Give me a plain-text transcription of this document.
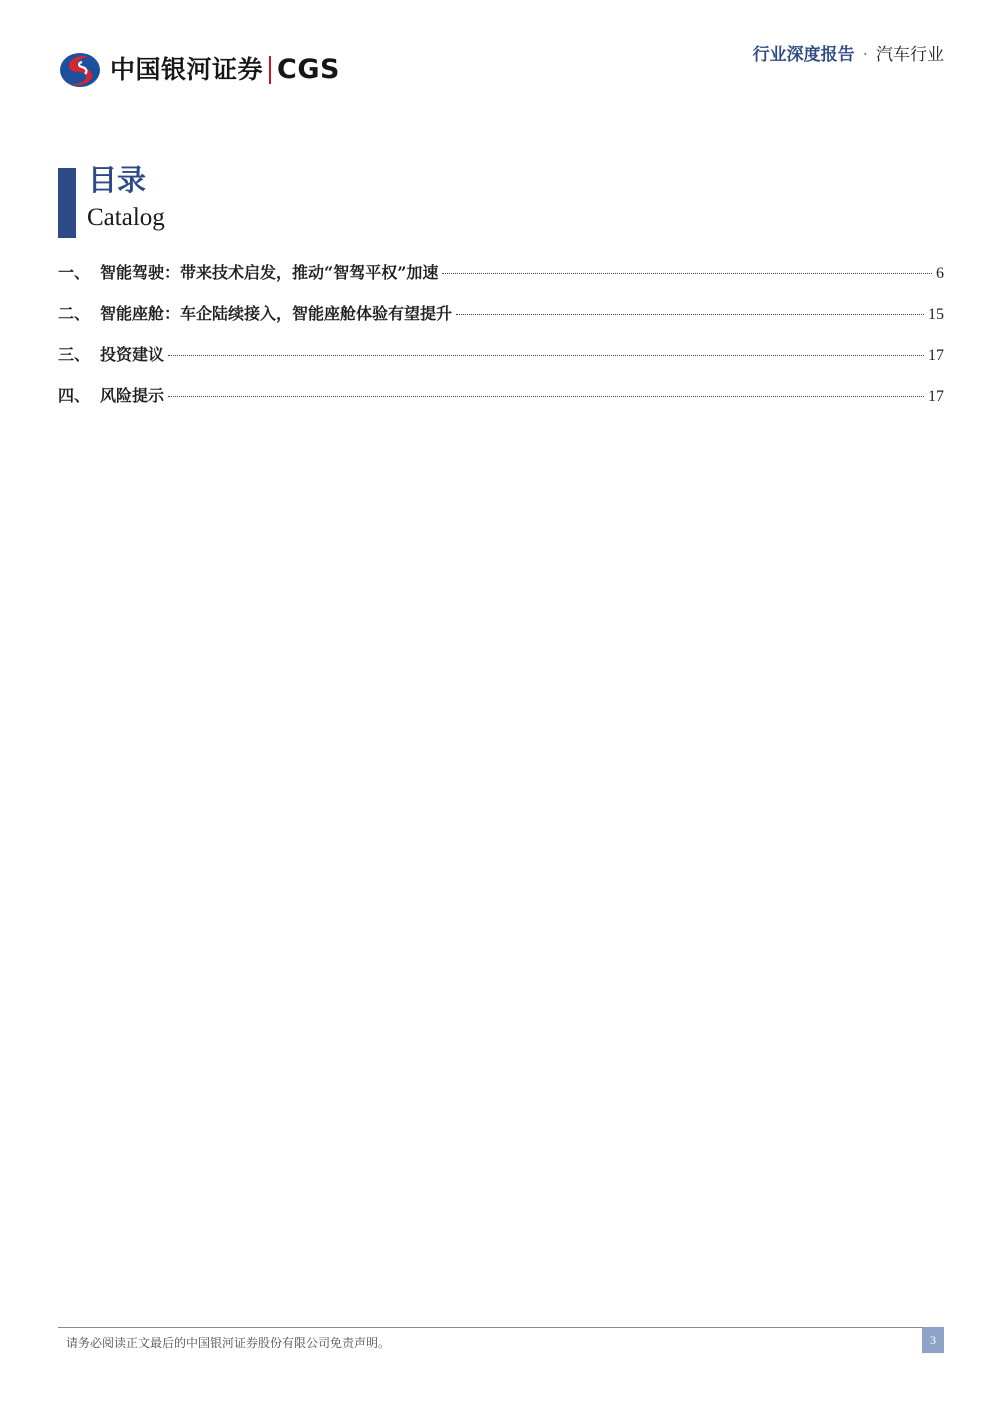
中国银河证券 CGS	行业深度报告 · 汽车行业
目录
Catalog
一、 智能驾驶：带来技术启发，推动“智驾平权”加速	6
二、 智能座舱：车企陆续接入，智能座舱体验有望提升	15
三、 投资建议	17
四、 风险提示	17
请务必阅读正文最后的中国银河证券股份有限公司免责声明。	3
